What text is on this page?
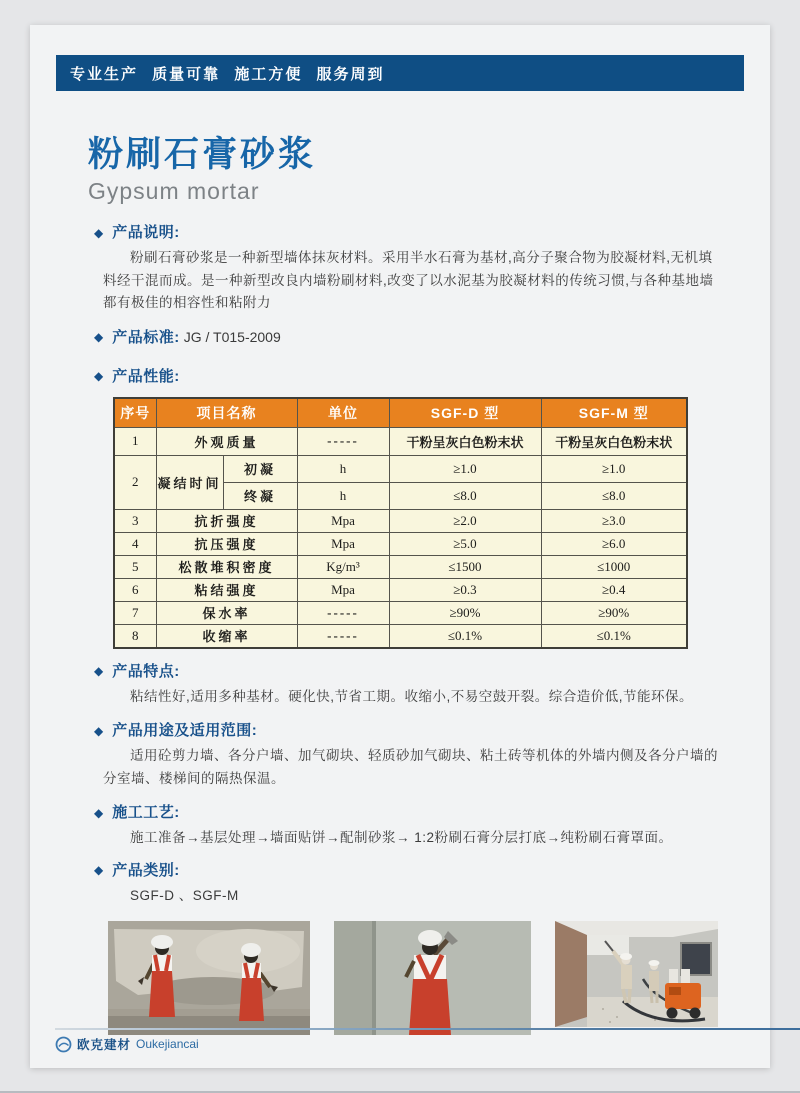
专业生产 质量可靠 施工方便 服务周到
粉刷石膏砂浆
Gypsum mortar
◆ 产品说明:
粉刷石膏砂浆是一种新型墙体抹灰材料。采用半水石膏为基材,高分子聚合物为胶凝材料,无机填料经干混而成。是一种新型改良内墙粉刷材料,改变了以水泥基为胶凝材料的传统习惯,与各种基地墙都有极佳的相容性和粘附力
◆ 产品标准: JG / T015-2009
◆ 产品性能:
序号	项目名称		单位	SGF-D 型	SGF-M 型
1	外观质量		-----	干粉呈灰白色粉末状	干粉呈灰白色粉末状
2	凝结时间	初凝	h	≥1.0	≥1.0
		终凝	h	≤8.0	≤8.0
3	抗折强度		Mpa	≥2.0	≥3.0
4	抗压强度		Mpa	≥5.0	≥6.0
5	松散堆积密度		Kg/m³	≤1500	≤1000
6	粘结强度		Mpa	≥0.3	≥0.4
7	保水率		-----	≥90%	≥90%
8	收缩率		-----	≤0.1%	≤0.1%
◆ 产品特点:
粘结性好,适用多种基材。硬化快,节省工期。收缩小,不易空鼓开裂。综合造价低,节能环保。
◆ 产品用途及适用范围:
适用砼剪力墙、各分户墙、加气砌块、轻质砂加气砌块、粘土砖等机体的外墙内侧及各分户墙的分室墙、楼梯间的隔热保温。
◆ 施工工艺:
施工准备→基层处理→墙面贴饼→配制砂浆→ 1:2粉刷石膏分层打底→纯粉刷石膏罩面。
◆ 产品类别:
SGF-D 、SGF-M
欧克建材 Oukejiancai
